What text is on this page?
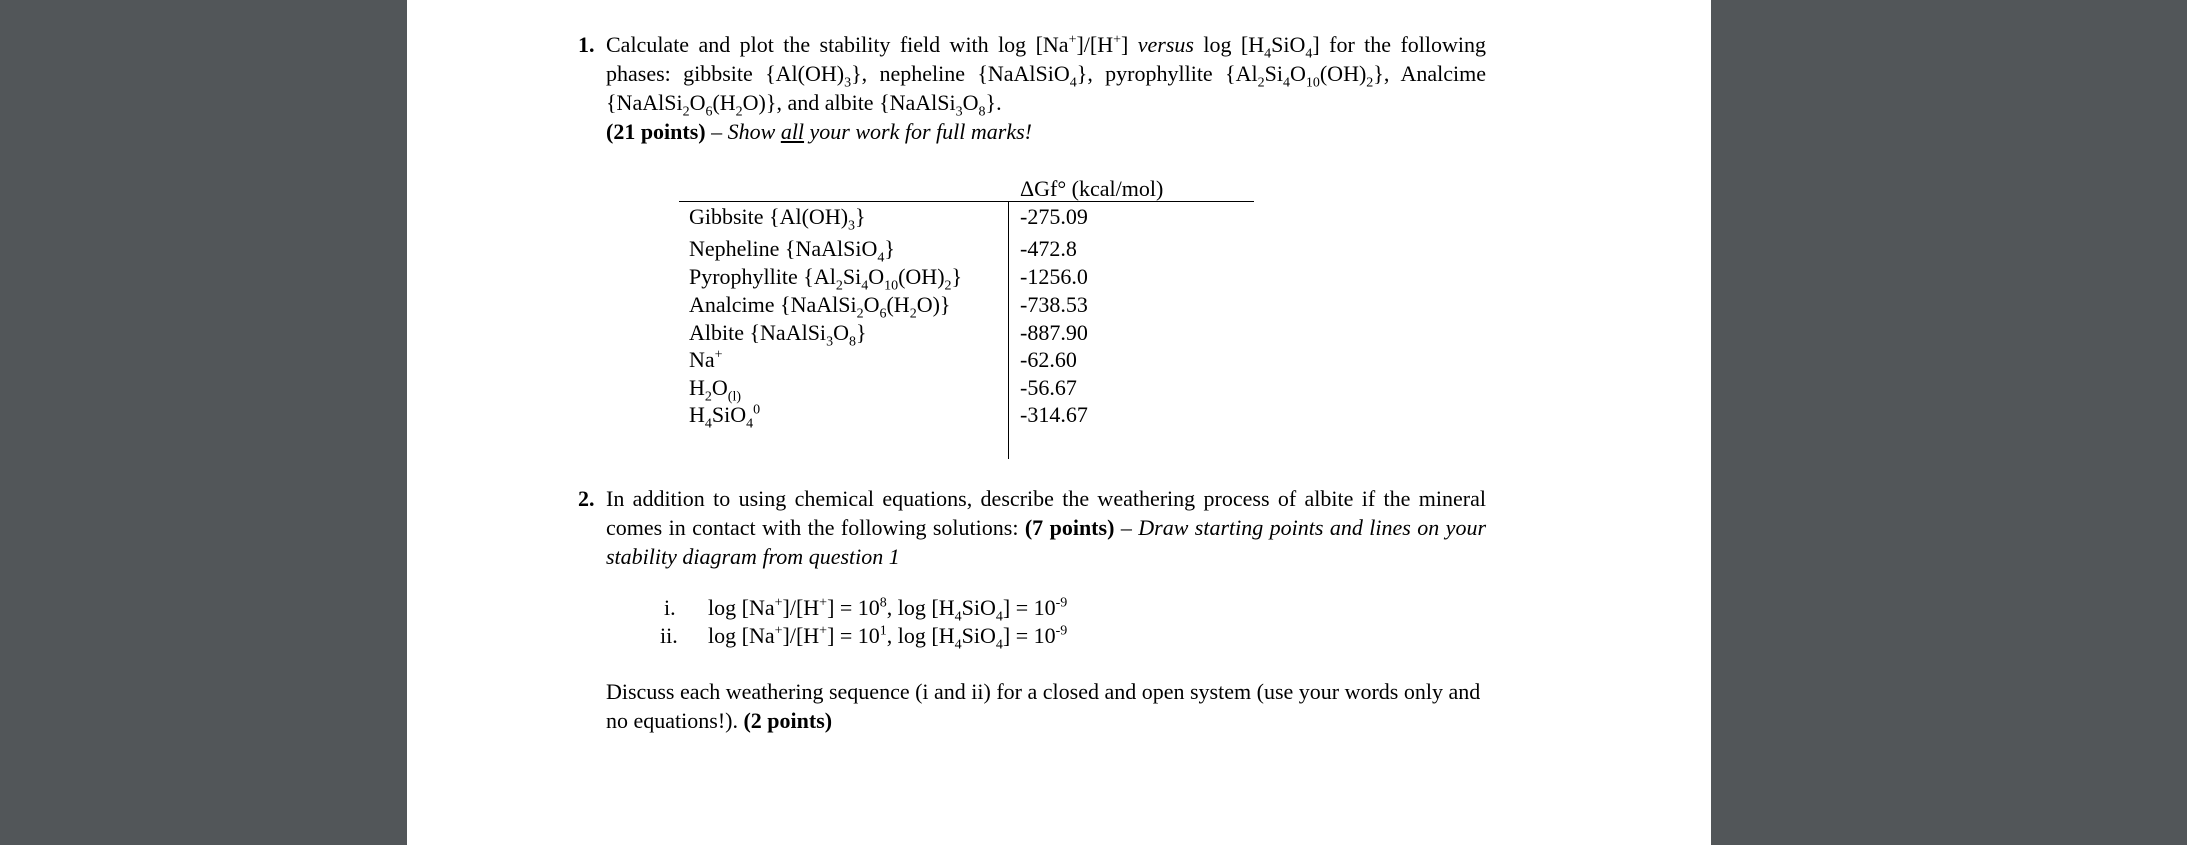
1. Calculate and plot the stability field with log [Na+]/[H+] versus $\log [H_4SiO_4]$ for the following phases: gibbsite $\{Al(OH)_3\}$, nepheline {NaAlSiO$_4$}, pyrophyllite $\{Al_2Si_4O_{10}(OH)_2\}$, Analcime $\{NaAlSi_2O_6(H_2O)\}$, and albite $\{NaAlSi_3O_8\}$.

(21 points) – Show all your work for full marks!

ΔGf° (kcal/mol)
Gibbsite $\{Al(OH)_3\}$	-275.09
Nepheline {NaAlSiO$_4$}	-472.8
Pyrophyllite $\{Al_2Si_4O_{10}(OH)_2\}$	-1256.0
Analcime $\{NaAlSi_2O_6(H_2O)\}$	-738.53
Albite $\{NaAlSi_3O_8\}$	-887.90
Na+	-62.60
$H_2O_{(l)}$	-56.67
$H_4SiO_4^0$	-314.67
2. In addition to using chemical equations, describe the weathering process of albite if the mineral comes in contact with the following solutions: (7 points) – Draw starting points and lines on your stability diagram from question 1

i.	$\log [Na^+]/[H^+] = 10^8$, $\log [H_4SiO_4] = 10^{-9}$
ii.	$\log [Na^+]/[H^+] = 10^1$, $\log [H_4SiO_4] = 10^{-9}$

Discuss each weathering sequence (i and ii) for a closed and open system (use your words only and no equations!). (2 points)
